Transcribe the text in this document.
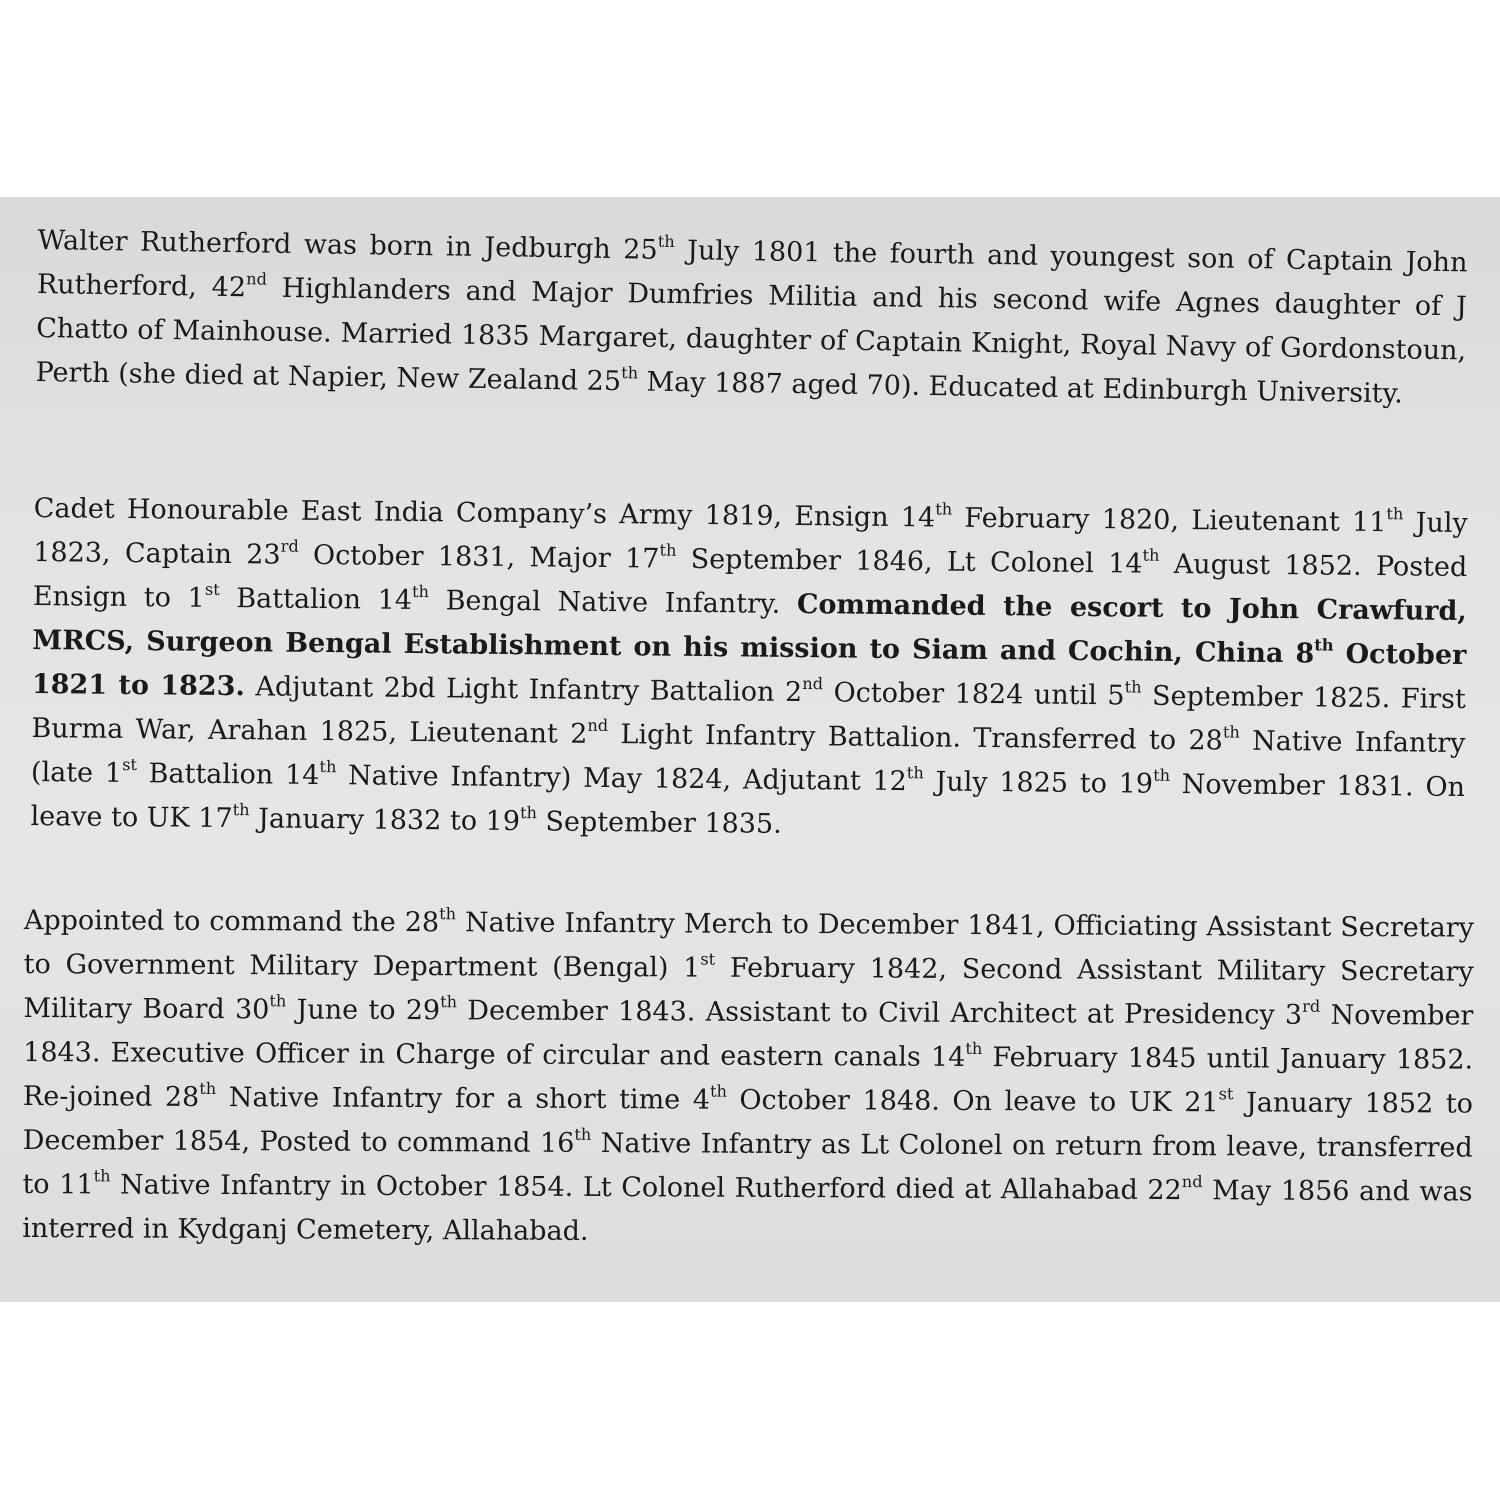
Walter Rutherford was born in Jedburgh 25th July 1801 the fourth and youngest son of Captain John Rutherford, 42nd Highlanders and Major Dumfries Militia and his second wife Agnes daughter of J Chatto of Mainhouse. Married 1835 Margaret, daughter of Captain Knight, Royal Navy of Gordonstoun, Perth (she died at Napier, New Zealand 25th May 1887 aged 70). Educated at Edinburgh University.

Cadet Honourable East India Company’s Army 1819, Ensign 14th February 1820, Lieutenant 11th July 1823, Captain 23rd October 1831, Major 17th September 1846, Lt Colonel 14th August 1852. Posted Ensign to 1st Battalion 14th Bengal Native Infantry. Commanded the escort to John Crawfurd, MRCS, Surgeon Bengal Establishment on his mission to Siam and Cochin, China 8th October 1821 to 1823. Adjutant 2bd Light Infantry Battalion 2nd October 1824 until 5th September 1825. First Burma War, Arahan 1825, Lieutenant 2nd Light Infantry Battalion. Transferred to 28th Native Infantry (late 1st Battalion 14th Native Infantry) May 1824, Adjutant 12th July 1825 to 19th November 1831. On leave to UK 17th January 1832 to 19th September 1835.

Appointed to command the 28th Native Infantry Merch to December 1841, Officiating Assistant Secretary to Government Military Department (Bengal) 1st February 1842, Second Assistant Military Secretary Military Board 30th June to 29th December 1843. Assistant to Civil Architect at Presidency 3rd November 1843. Executive Officer in Charge of circular and eastern canals 14th February 1845 until January 1852. Re-joined 28th Native Infantry for a short time 4th October 1848. On leave to UK 21st January 1852 to December 1854, Posted to command 16th Native Infantry as Lt Colonel on return from leave, transferred to 11th Native Infantry in October 1854. Lt Colonel Rutherford died at Allahabad 22nd May 1856 and was interred in Kydganj Cemetery, Allahabad.
